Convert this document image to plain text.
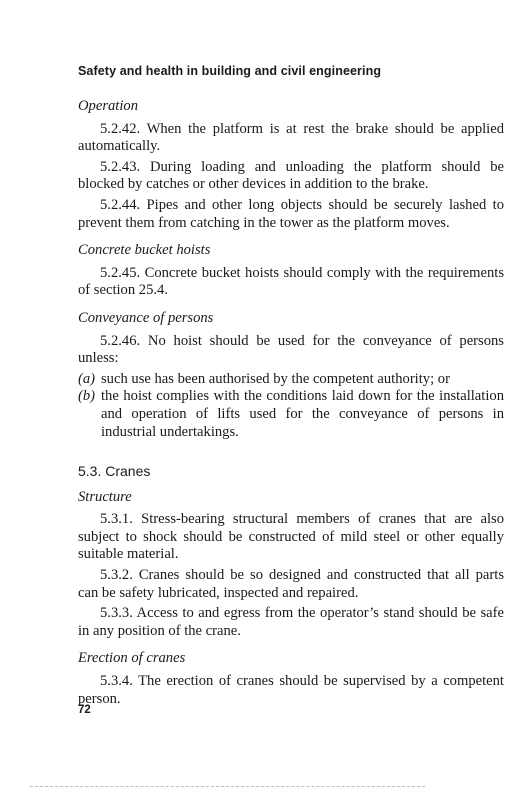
Safety and health in building and civil engineering
Operation

5.2.42. When the platform is at rest the brake should be applied automatically.

5.2.43. During loading and unloading the platform should be blocked by catches or other devices in addition to the brake.

5.2.44. Pipes and other long objects should be securely lashed to prevent them from catching in the tower as the platform moves.

Concrete bucket hoists

5.2.45. Concrete bucket hoists should comply with the requirements of section 25.4.

Conveyance of persons

5.2.46. No hoist should be used for the conveyance of persons unless:

(a) such use has been authorised by the competent authority; or
(b) the hoist complies with the conditions laid down for the installation and operation of lifts used for the conveyance of persons in industrial undertakings.
5.3. Cranes
Structure

5.3.1. Stress-bearing structural members of cranes that are also subject to shock should be constructed of mild steel or other equally suitable material.

5.3.2. Cranes should be so designed and constructed that all parts can be safety lubricated, inspected and repaired.

5.3.3. Access to and egress from the operator’s stand should be safe in any position of the crane.

Erection of cranes

5.3.4. The erection of cranes should be supervised by a competent person.

72
